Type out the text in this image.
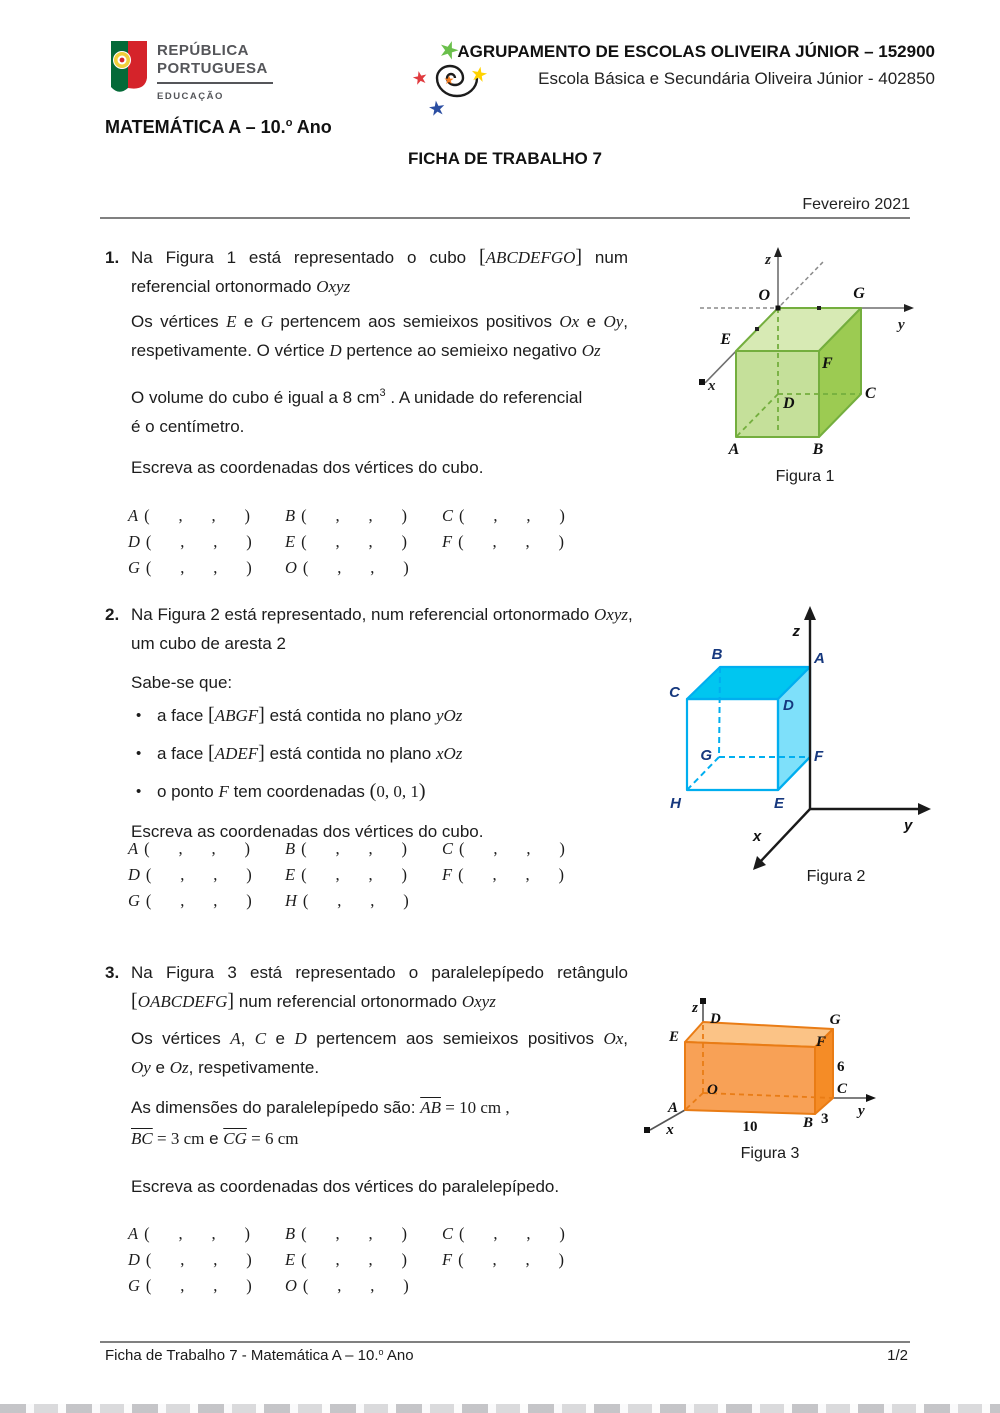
REPÚBLICA
PORTUGUESA
EDUCAÇÃO
★
★ ★
★
★
AGRUPAMENTO DE ESCOLAS OLIVEIRA JÚNIOR – 152900
Escola Básica e Secundária Oliveira Júnior - 402850
MATEMÁTICA A – 10.$^o$ Ano
FICHA DE TRABALHO 7
Fevereiro 2021
1. Na Figura 1 está representado o cubo [ABCDEFGO] num
referencial ortonormado Oxyz
Os vértices E e G pertencem aos semieixos positivos Ox e Oy,
respetivamente. O vértice D pertence ao semieixo negativo Oz
O volume do cubo é igual a 8 $cm^3$ . A unidade do referencial
é o centímetro.
Escreva as coordenadas dos vértices do cubo.
A (       ,       ,       )	B (       ,       ,       )	C (       ,       ,       )
D (       ,       ,       )	E (       ,       ,       )	F (       ,       ,       )
G (       ,       ,       )	O (       ,       ,       )
O	G
E
F
D
C
A	B
z
y
x
Figura 1
2. Na Figura 2 está representado, num referencial ortonormado Oxyz,
um cubo de aresta 2
Sabe-se que:
• a face [ABGF] está contida no plano yOz
• a face [ADEF] está contida no plano xOz
• o ponto F tem coordenadas (0, 0, 1)
Escreva as coordenadas dos vértices do cubo.
A (       ,       ,       )	B (       ,       ,       )	C (       ,       ,       )
D (       ,       ,       )	E (       ,       ,       )	F (       ,       ,       )
G (       ,       ,       )	H (       ,       ,       )
B	A
C
D
G	F
H	E
z
y
x
Figura 2
3. Na Figura 3 está representado o paralelepípedo retângulo
[OABCDEFG] num referencial ortonormado Oxyz
Os vértices A, C e D pertencem aos semieixos positivos Ox,
Oy e Oz, respetivamente.
As dimensões do paralelepípedo são: $\overline{AB} = 10$ cm ,
$\overline{BC} = 3$ cm e $\overline{CG} = 6$ cm
Escreva as coordenadas dos vértices do paralelepípedo.
A (       ,       ,       )	B (       ,       ,       )	C (       ,       ,       )
D (       ,       ,       )	E (       ,       ,       )	F (       ,       ,       )
G (       ,       ,       )	O (       ,       ,       )
z
D	G
E	F
O	C
A
B
y
x	10	3
6
Figura 3
Ficha de Trabalho 7 - Matemática A – 10.$^o$ Ano	1/2
